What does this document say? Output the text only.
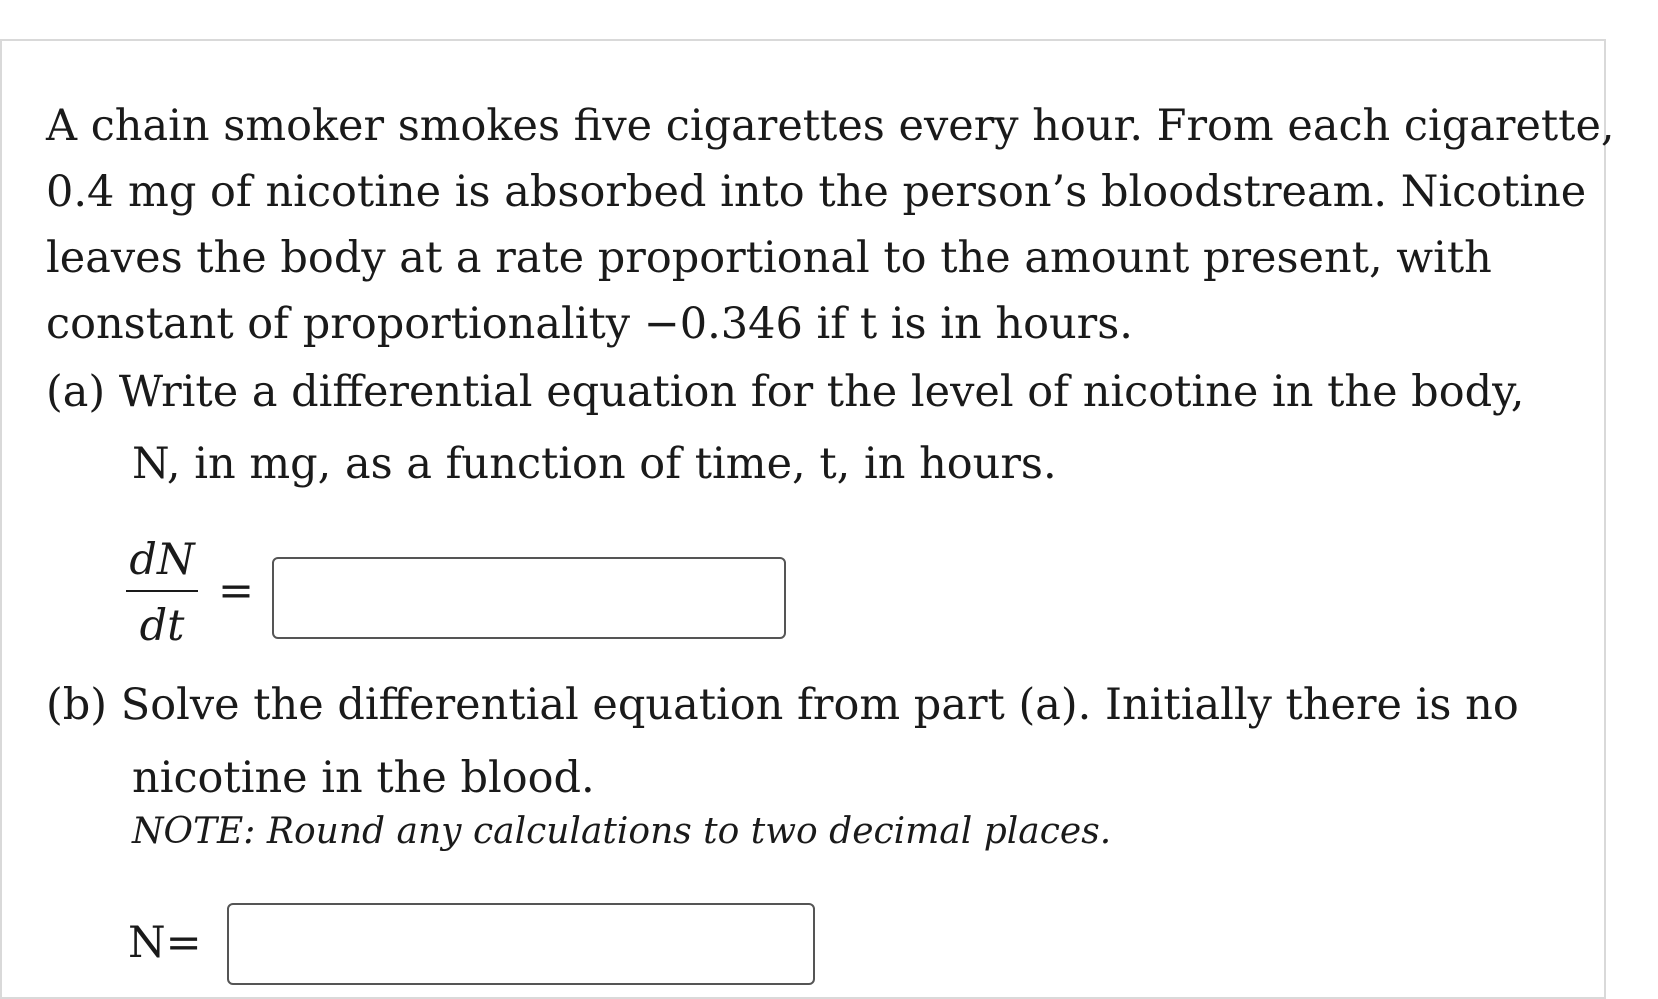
A chain smoker smokes five cigarettes every hour. From each cigarette,
0.4 mg of nicotine is absorbed into the person’s bloodstream. Nicotine
leaves the body at a rate proportional to the amount present, with
constant of proportionality −0.346 if t is in hours.
(a) Write a differential equation for the level of nicotine in the body,
N, in mg, as a function of time, t, in hours.
dN
dt
=
(b) Solve the differential equation from part (a). Initially there is no
nicotine in the blood.
NOTE: Round any calculations to two decimal places.
N=
